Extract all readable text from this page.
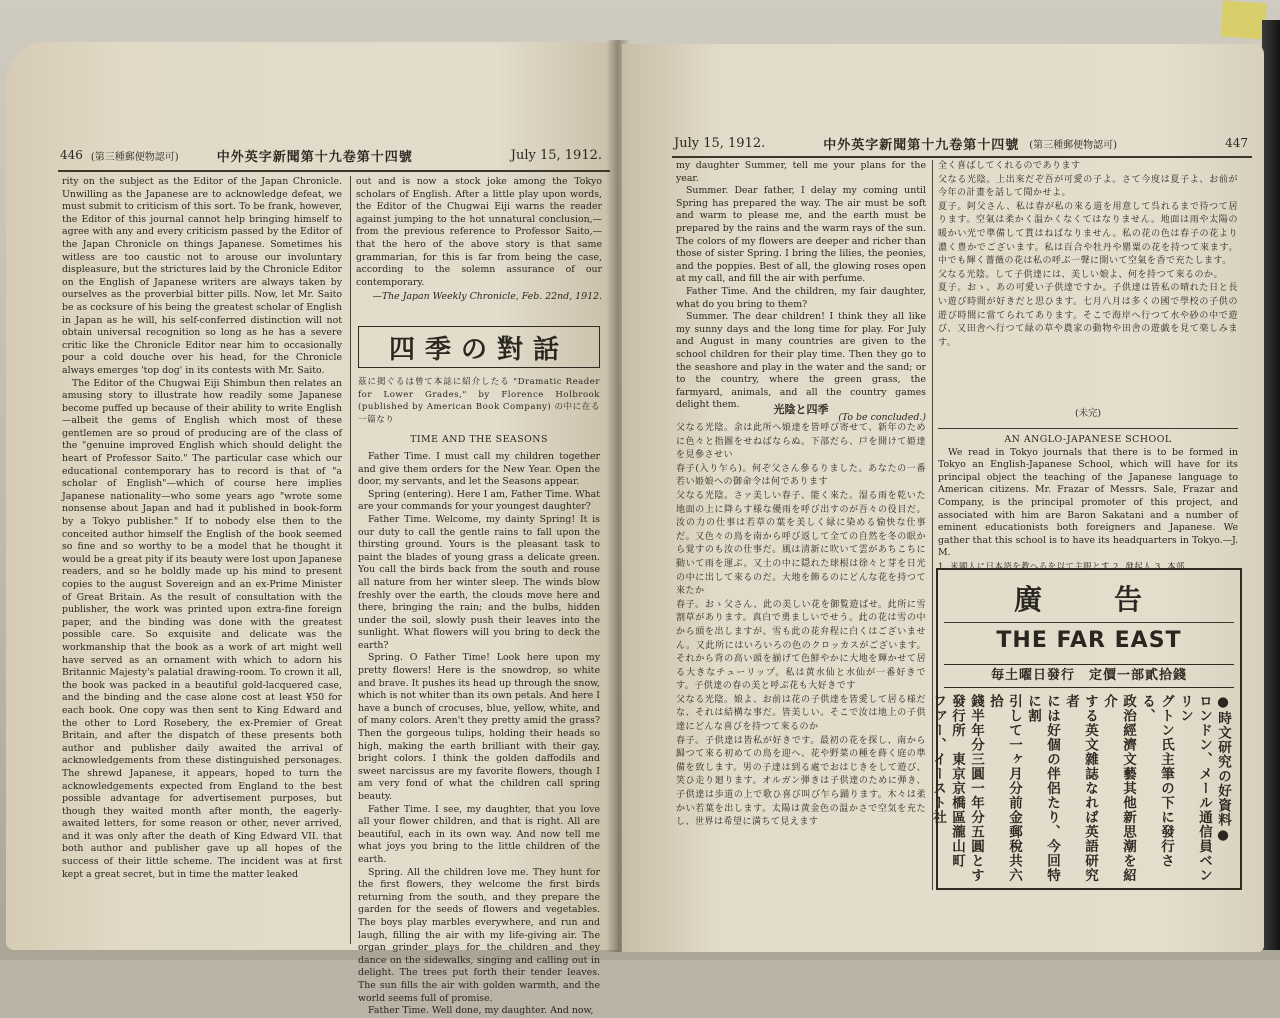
446 (第三種郵便物認可)	中外英字新聞第十九卷第十四號	July 15, 1912.

rity on the subject as the Editor of the Japan Chronicle. Unwilling as the Japanese are to acknowledge defeat, we must submit to criticism of this sort. To be frank, however, the Editor of this journal cannot help bringing himself to agree with any and every criticism passed by the Editor of the Japan Chronicle on things Japanese. Sometimes his witless are too caustic not to arouse our involuntary displeasure, but the strictures laid by the Chronicle Editor on the English of Japanese writers are always taken by ourselves as the proverbial bitter pills. Now, let Mr. Saito be as cocksure of his being the greatest scholar of English in Japan as he will, his self-conferred distinction will not obtain universal recognition so long as he has a severe critic like the Chronicle Editor near him to occasionally pour a cold douche over his head, for the Chronicle always emerges 'top dog' in its contests with Mr. Saito.

The Editor of the Chugwai Eiji Shimbun then relates an amusing story to illustrate how readily some Japanese become puffed up because of their ability to write English—albeit the gems of English which most of these gentlemen are so proud of producing are of the class of the "genuine improved English which should delight the heart of Professor Saito." The particular case which our educational contemporary has to record is that of "a scholar of English"—which of course here implies Japanese nationality—who some years ago "wrote some nonsense about Japan and had it published in book-form by a Tokyo publisher." If to nobody else then to the conceited author himself the English of the book seemed so fine and so worthy to be a model that he thought it would be a great pity if its beauty were lost upon Japanese readers, and so he boldly made up his mind to present copies to the august Sovereign and an ex-Prime Minister of Great Britain. As the result of consultation with the publisher, the work was printed upon extra-fine foreign paper, and the binding was done with the greatest possible care. So exquisite and delicate was the workmanship that the book as a work of art might well have served as an ornament with which to adorn his Britannic Majesty's palatial drawing-room. To crown it all, the book was packed in a beautiful gold-lacquered case, and the binding and the case alone cost at least ¥50 for each book. One copy was then sent to King Edward and the other to Lord Rosebery, the ex-Premier of Great Britain, and after the dispatch of these presents both author and publisher daily awaited the arrival of acknowledgements from these distinguished personages. The shrewd Japanese, it appears, hoped to turn the acknowledgements expected from England to the best possible advantage for advertisement purposes, but though they waited month after month, the eagerly-awaited letters, for some reason or other, never arrived, and it was only after the death of King Edward VII. that both author and publisher gave up all hopes of the success of their little scheme. The incident was at first kept a great secret, but in time the matter leaked

out and is now a stock joke among the Tokyo scholars of English. After a little play upon words, the Editor of the Chugwai Eiji warns the reader against jumping to the hot unnatural conclusion,—from the previous reference to Professor Saito,—that the hero of the above story is that same grammarian, for this is far from being the case, according to the solemn assurance of our contemporary.

—The Japan Weekly Chronicle, Feb. 22nd, 1912.
四季の對話
茲に掲ぐるは曾て本誌に紹介したる "Dramatic Reader for Lower Grades," by Florence Holbrook (published by American Book Company) の中に在る一篇なり
TIME AND THE SEASONS

Father Time. I must call my children together and give them orders for the New Year. Open the door, my servants, and let the Seasons appear.

Spring (entering). Here I am, Father Time. What are your commands for your youngest daughter?

Father Time. Welcome, my dainty Spring! It is our duty to call the gentle rains to fall upon the thirsting ground. Yours is the pleasant task to paint the blades of young grass a delicate green. You call the birds back from the south and rouse all nature from her winter sleep. The winds blow freshly over the earth, the clouds move here and there, bringing the rain; and the bulbs, hidden under the soil, slowly push their leaves into the sunlight. What flowers will you bring to deck the earth?

Spring. O Father Time! Look here upon my pretty flowers! Here is the snowdrop, so white and brave. It pushes its head up through the snow, which is not whiter than its own petals. And here I have a bunch of crocuses, blue, yellow, white, and of many colors. Aren't they pretty amid the grass? Then the gorgeous tulips, holding their heads so high, making the earth brilliant with their gay, bright colors. I think the golden daffodils and sweet narcissus are my favorite flowers, though I am very fond of what the children call spring beauty.

Father Time. I see, my daughter, that you love all your flower children, and that is right. All are beautiful, each in its own way. And now tell me what joys you bring to the little children of the earth.

Spring. All the children love me. They hunt for the first flowers, they welcome the first birds returning from the south, and they prepare the garden for the seeds of flowers and vegetables. The boys play marbles everywhere, and run and laugh, filling the air with my life-giving air. The organ grinder plays for the children and they dance on the sidewalks, singing and calling out in delight. The trees put forth their tender leaves. The sun fills the air with golden warmth, and the world seems full of promise.

Father Time. Well done, my daughter. And now,

July 15, 1912.	中外英字新聞第十九卷第十四號 (第三種郵便物認可)	447

my daughter Summer, tell me your plans for the year.

Summer. Dear father, I delay my coming until Spring has prepared the way. The air must be soft and warm to please me, and the earth must be prepared by the rains and the warm rays of the sun. The colors of my flowers are deeper and richer than those of sister Spring. I bring the lilies, the peonies, and the poppies. Best of all, the glowing roses open at my call, and fill the air with perfume.

Father Time. And the children, my fair daughter, what do you bring to them?

Summer. The dear children! I think they all like my sunny days and the long time for play. For July and August in many countries are given to the school children for their play time. Then they go to the seashore and play in the water and the sand; or to the country, where the green grass, the farmyard, animals, and all the country games delight them.

(To be concluded.)
光陰と四季
父なる光陰。余は此所へ娘達を皆呼び寄せて、新年のために色々と指圖をせねばならぬ。下部だら、戸を開けて姫達を見參させい
春子(入り乍ら)。何ぞ父さん參るりました。あなたの一番若い姫娘への御命令は何であります
父なる光陰。さァ美しい春子、能く來た。湿る雨を乾いた地面の上に降らす様な優雨を呼び出すのが吾々の役目だ。汝の力の仕事は若草の葉を美しく緑に染める愉快な仕事だ。又色々の鳥を南から呼び返して全ての自然を冬の眠から覚すのも汝の仕事だ。風は清新に吹いて雲があちこちに動いて雨を運ぶ。又土の中に隠れた球根は徐々と芽を日光の中に出して來るのだ。大地を飾るのにどんな花を持つて來たか
春子。おゝ父さん、此の美しい花を御覧遊ばせ。此所に雪割草があります。真白で勇ましいでせう。此の花は雪の中から頭を出しますが、雪も此の花弁程に白くはございません。又此所にはいろいろの色のクロッカスがございます。それから背の高い頭を揃げて色鮮やかに大地を輝かせて居る大きなチューリップ。私は黄水仙と水仙が一番好きです。子供達の春の美と呼ぶ花も大好きです
父なる光陰。娘よ、お前は花の子供達を皆愛して居る様だな、それは結構な事だ。皆美しい。そこで汝は地上の子供達にどんな喜びを持つて來るのか
春子。子供達は皆私が好きです。最初の花を探し、南から歸つて來る初めての鳥を迎へ、花や野菜の種を蒔く庭の準備を致します。男の子達は到る處でおはじきをして遊び、笑ひ走り廻ります。オルガン弾きは子供達のために弾き、子供達は歩道の上で歌ひ喜び叫び乍ら踊ります。木々は柔かい若葉を出します。太陽は黄金色の温かさで空気を充たし、世界は希望に満ちて見えます
全く喜ばしてくれるのであります
父なる光陰。上出來だぞ吾が可愛の子よ。さて今度は夏子よ、お前が今年の計畫を話して聞かせよ。
夏子。阿父さん、私は春が私の來る道を用意して呉れるまで待つて居ります。空氣は柔かく温かくなくてはなりません。地面は雨や太陽の暖かい光で準備して貰はねばなりません。私の花の色は春子の花より濃く豊かでございます。私は百合や牡丹や罌粟の花を持つて來ます。中でも輝く薔薇の花は私の呼ぶ一聲に開いて空氣を香で充たします。
父なる光陰。して子供達には、美しい娘よ、何を持つて來るのか。
夏子。おゝ、あの可愛い子供達ですか。子供達は皆私の晴れた日と長い遊び時間が好きだと思ひます。七月八月は多くの國で學校の子供の遊び時間に當てられてあります。そこで海岸へ行つて水や砂の中で遊び、又田舎へ行つて緑の草や農家の動物や田舎の遊戯を見て楽しみます。
(未完)
AN ANGLO-JAPANESE SCHOOL

We read in Tokyo journals that there is to be formed in Tokyo an English-Japanese School, which will have for its principal object the teaching of the Japanese language to American citizens. Mr. Frazar of Messrs. Sale, Frazar and Company, is the principal promoter of this project, and associated with him are Baron Sakatani and a number of eminent educationists both foreigners and Japanese. We gather that this school is to have its headquarters in Tokyo.—J. M.

1. 米國人に日本語を教へるを以て主眼とす 2. 發起人 3. 本部
廣　告
THE FAR EAST
毎土曜日發行　定價一部貳拾錢
●時文研究の好資料●
ロンドン、メール通信員ベンリン
グトン氏主筆の下に發行さる、
政治經濟文藝其他新思潮を紹介
する英文雜誌なれば英語研究者
には好個の伴侶たり、今回特に割
引して一ヶ月分前金郵稅共六拾
錢半年分三圓一年分五圓とす
發行所　東京京橋區瀧山町
ファー、イースト社
